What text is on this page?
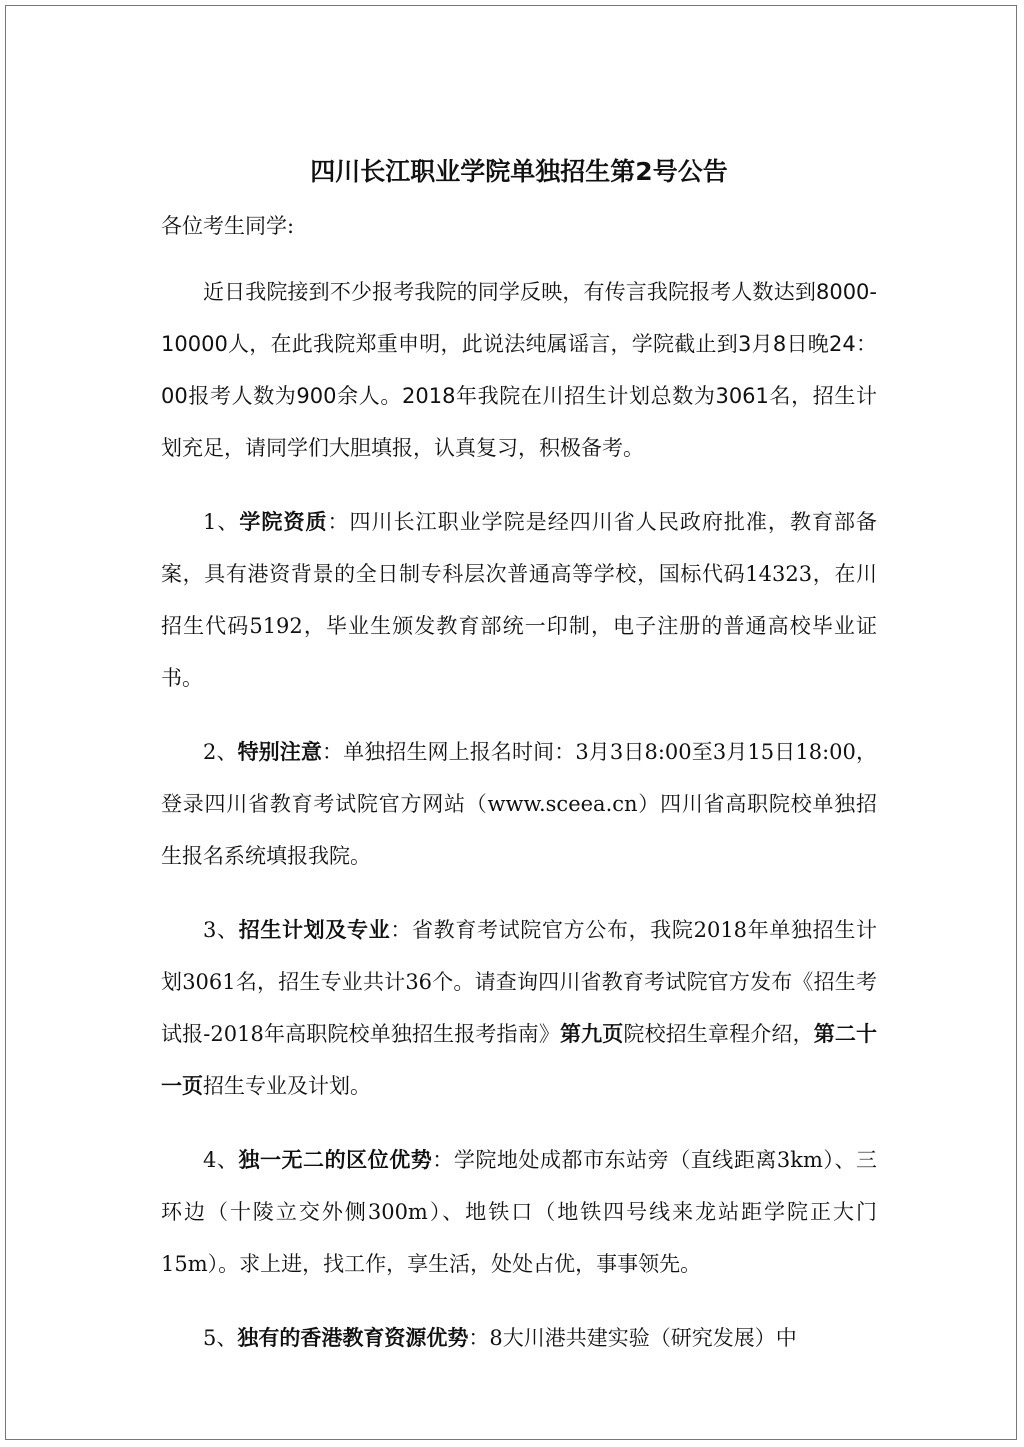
四川长江职业学院单独招生第2号公告

各位考生同学:

近日我院接到不少报考我院的同学反映，有传言我院报考人数达到8000-10000人，在此我院郑重申明，此说法纯属谣言，学院截止到3月8日晚24：00报考人数为900余人。2018年我院在川招生计划总数为3061名，招生计划充足，请同学们大胆填报，认真复习，积极备考。

1、学院资质：四川长江职业学院是经四川省人民政府批准，教育部备案，具有港资背景的全日制专科层次普通高等学校，国标代码14323，在川招生代码5192，毕业生颁发教育部统一印制，电子注册的普通高校毕业证书。

2、特别注意：单独招生网上报名时间：3月3日8:00至3月15日18:00，登录四川省教育考试院官方网站（www.sceea.cn）四川省高职院校单独招生报名系统填报我院。

3、招生计划及专业：省教育考试院官方公布，我院2018年单独招生计划3061名，招生专业共计36个。请查询四川省教育考试院官方发布《招生考试报-2018年高职院校单独招生报考指南》第九页院校招生章程介绍，第二十一页招生专业及计划。

4、独一无二的区位优势：学院地处成都市东站旁（直线距离3km）、三环边（十陵立交外侧300m）、地铁口（地铁四号线来龙站距学院正大门15m）。求上进，找工作，享生活，处处占优，事事领先。

5、独有的香港教育资源优势：8大川港共建实验（研究发展）中
